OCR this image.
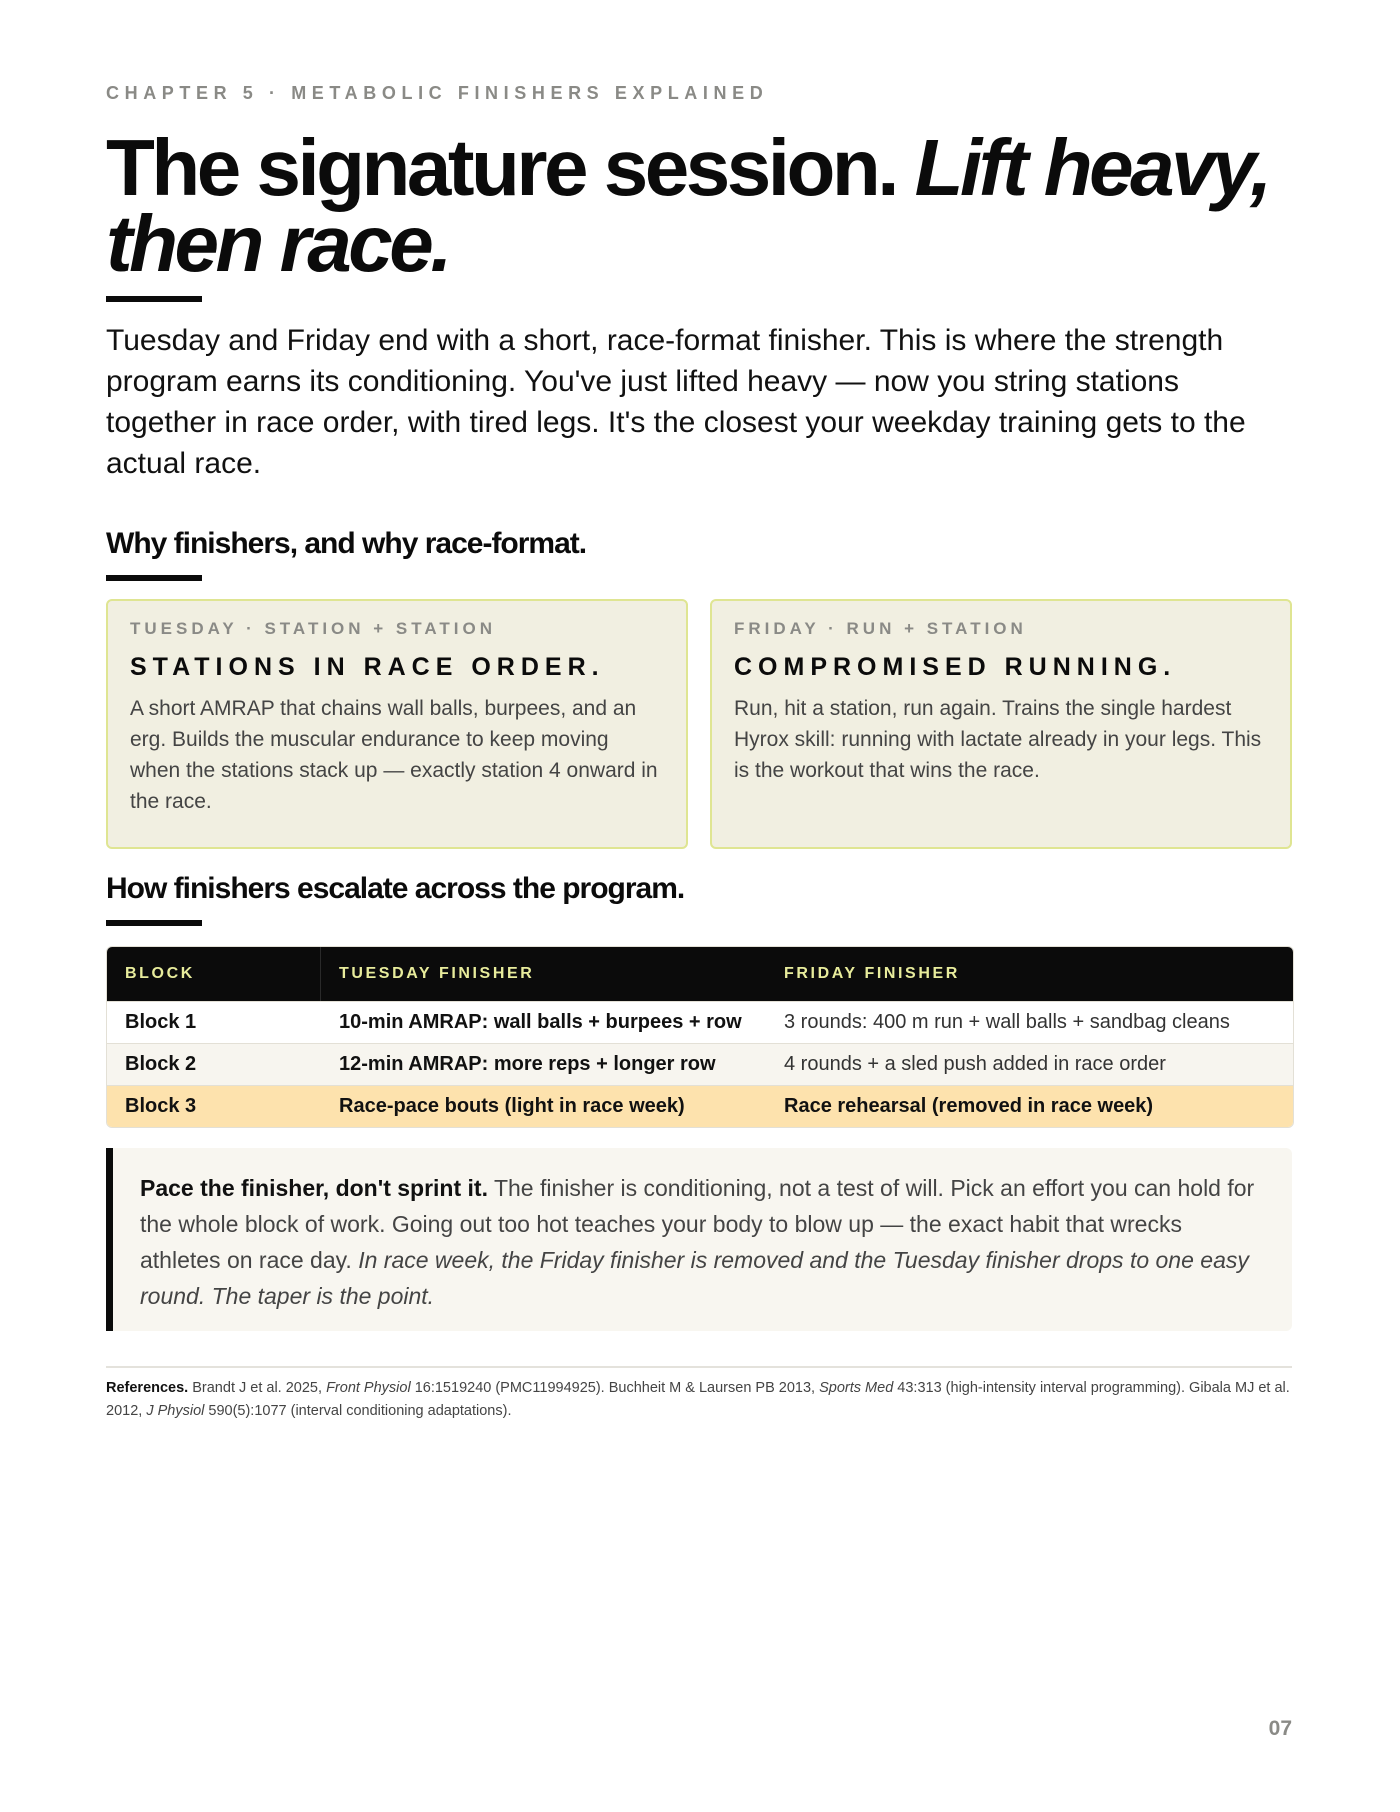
CHAPTER 5 · METABOLIC FINISHERS EXPLAINED
The signature session. Lift heavy, then race.

Tuesday and Friday end with a short, race-format finisher. This is where the strength program earns its conditioning. You've just lifted heavy — now you string stations together in race order, with tired legs. It's the closest your weekday training gets to the actual race.

Why finishers, and why race-format.
TUESDAY · STATION + STATION
STATIONS IN RACE ORDER.
A short AMRAP that chains wall balls, burpees, and an erg. Builds the muscular endurance to keep moving when the stations stack up — exactly station 4 onward in the race.
FRIDAY · RUN + STATION
COMPROMISED RUNNING.
Run, hit a station, run again. Trains the single hardest Hyrox skill: running with lactate already in your legs. This is the workout that wins the race.
How finishers escalate across the program.
BLOCK	TUESDAY FINISHER	FRIDAY FINISHER
Block 1	10-min AMRAP: wall balls + burpees + row	3 rounds: 400 m run + wall balls + sandbag cleans
Block 2	12-min AMRAP: more reps + longer row	4 rounds + a sled push added in race order
Block 3	Race-pace bouts (light in race week)	Race rehearsal (removed in race week)
Pace the finisher, don't sprint it. The finisher is conditioning, not a test of will. Pick an effort you can hold for the whole block of work. Going out too hot teaches your body to blow up — the exact habit that wrecks athletes on race day. In race week, the Friday finisher is removed and the Tuesday finisher drops to one easy round. The taper is the point.

References. Brandt J et al. 2025, Front Physiol 16:1519240 (PMC11994925). Buchheit M & Laursen PB 2013, Sports Med 43:313 (high-intensity interval programming). Gibala MJ et al. 2012, J Physiol 590(5):1077 (interval conditioning adaptations).

07
